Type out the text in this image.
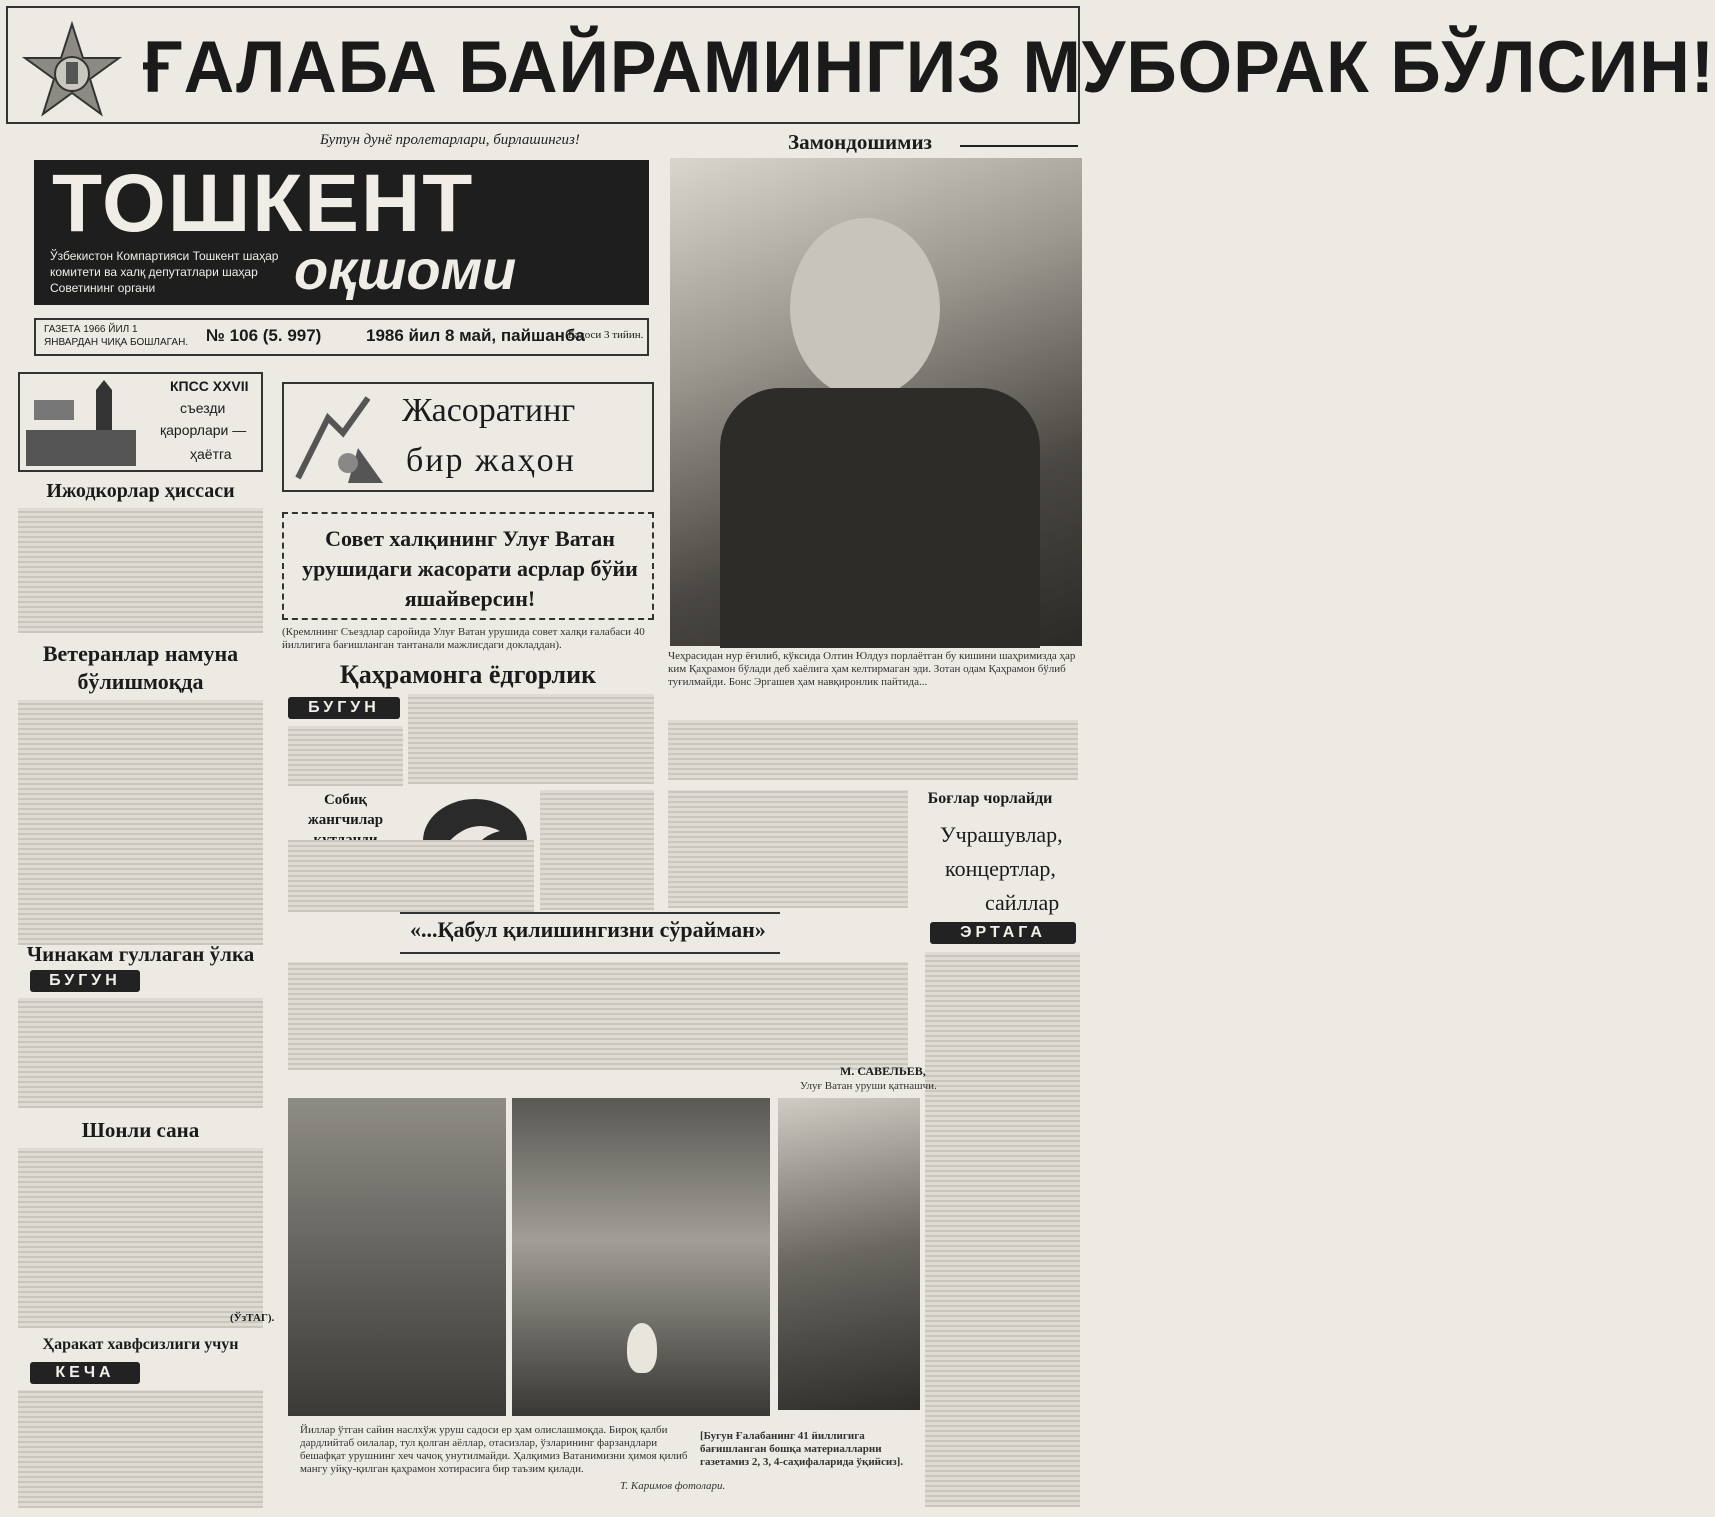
ҒАЛАБА БАЙРАМИНГИЗ МУБОРАК БЎЛСИН!
Бутун дунё пролетарлари, бирлашингиз!
ТОШКЕНТ
Ўзбекистон Компартияси Тошкент шаҳар комитети ва халқ депутатлари шаҳар Советининг органи	оқшоми
ГАЗЕТА 1966 ЙИЛ 1 ЯНВАРДАН ЧИҚА БОШЛАГАН. № 106 (5. 997)	1986 йил 8 май, пайшанба
Баҳоси 3 тийин.
Замондошимиз
Чеҳрасидан нур ёғилиб, кўксида Олтин Юлдуз порлаётган бу кишини шаҳримизда ҳар ким Қаҳрамон бўлади деб хаёлига ҳам келтирмаган эди. Зотан одам Қаҳрамон бўлиб туғилмайди. Бонс Эргашев ҳам навқиронлик пайтида...
Боғлар чорлайди
Учрашувлар,
концертлар,
сайллар
ЭРТАГА
КПСС XXVII
съезди
қарорлари —
ҳаётга
Ижодкорлар ҳиссаси
Ветеранлар намуна бўлишмоқда
Чинакам гуллаган ўлка
БУГУН
Шонли сана
Ҳаракат хавфсизлиги учун
КЕЧА
Жасоратинг
бир жаҳон
Совет халқининг Улуғ Ватан урушидаги жасорати асрлар бўйи яшайверсин!
(Кремлнинг Съездлар саройида Улуғ Ватан урушида совет халқи ғалабаси 40 йиллигига бағишланган тантанали мажлисдаги докладдан).
Қаҳрамонга ёдгорлик
БУГУН
Собиқ жангчилар
«...Қабул қилишингизни сўрайман»
М. САВЕЛЬЕВ,
Улуғ Ватан уруши қатнашчи.
Йиллар ўтган сайин наслхўж уруш садоси ер ҳам олислашмоқда. Бироқ қалби дардлийтаб оилалар, тул қолган аёллар, отасизлар, ўзларининг фарзандлари бешафқат урушнинг хеч чачоқ унутилмайди. Ҳалқимиз Ватанимизни ҳимоя қилиб мангу уйқу-қилган қаҳрамон хотирасига бир таъзим қилади.
Т. Каримов фотолари.
[Бугун Ғалабанинг 41 йиллигига бағишланган бошқа материалларни газетамиз 2, 3, 4-саҳифаларида ўқийсиз].
(ЎзТАГ).
